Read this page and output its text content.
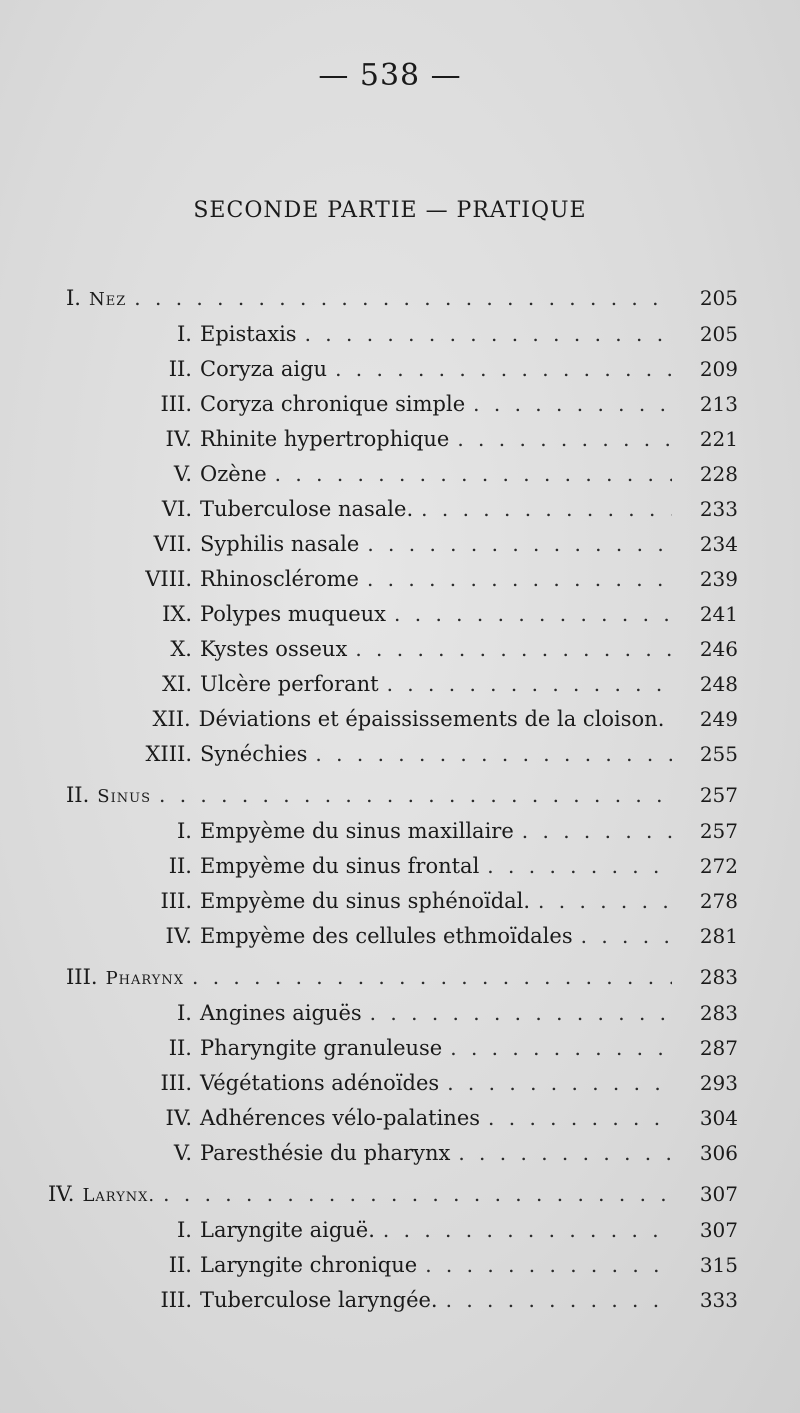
— 538 —
SECONDE PARTIE — PRATIQUE
I. Nez . . .	205
I. Epistaxis . . .	205
II. Coryza aigu . . .	209
III. Coryza chronique simple . . .	213
IV. Rhinite hypertrophique . . .	221
V. Ozène . . .	228
VI. Tuberculose nasale. . . .	233
VII. Syphilis nasale . . .	234
VIII. Rhinosclérome . . .	239
IX. Polypes muqueux . . .	241
X. Kystes osseux . . .	246
XI. Ulcère perforant . . .	248
XII. Déviations et épaississements de la cloison.	249
XIII. Synéchies . . .	255
II. Sinus . . .	257
I. Empyème du sinus maxillaire . . .	257
II. Empyème du sinus frontal . . .	272
III. Empyème du sinus sphénoïdal. . . .	278
IV. Empyème des cellules ethmoïdales . . .	281
III. Pharynx . . .	283
I. Angines aiguës . . .	283
II. Pharyngite granuleuse . . .	287
III. Végétations adénoïdes . . .	293
IV. Adhérences vélo-palatines . . .	304
V. Paresthésie du pharynx . . .	306
IV. Larynx. . . .	307
I. Laryngite aiguë. . . .	307
II. Laryngite chronique . . .	315
III. Tuberculose laryngée. . . .	333
